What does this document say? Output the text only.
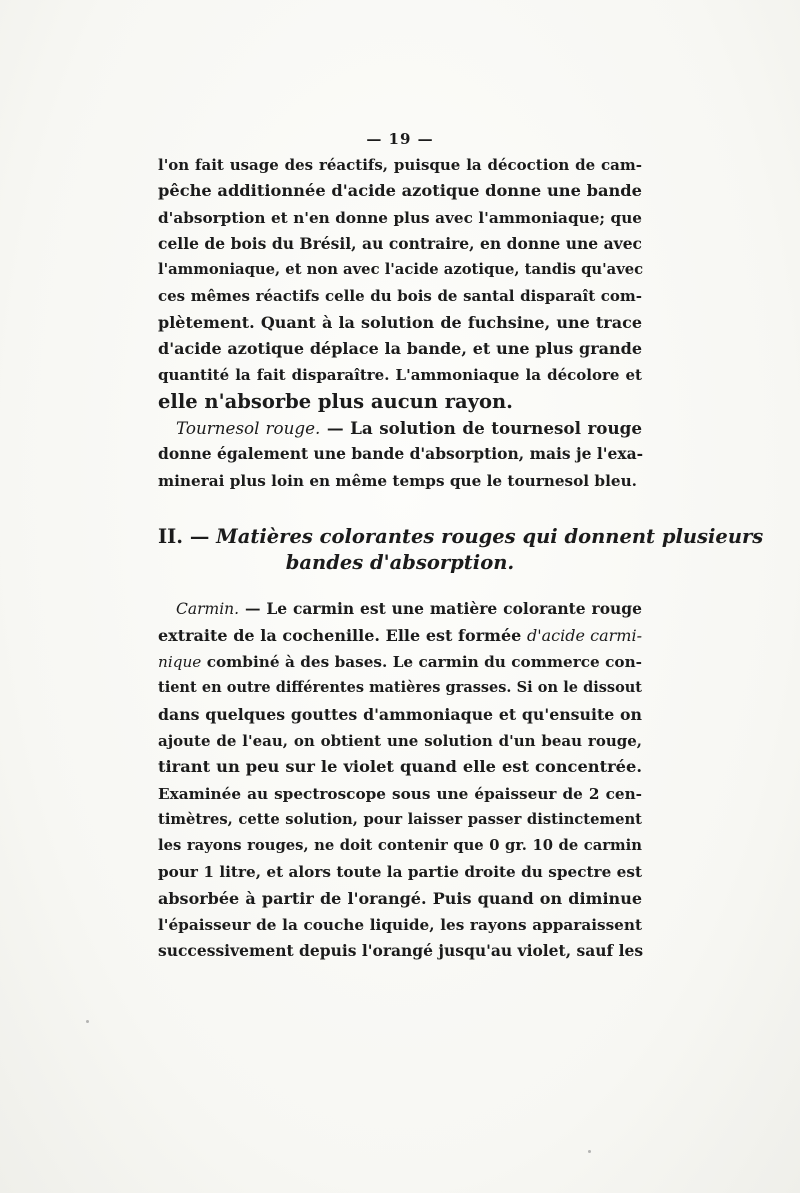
— 19 —

l'on fait usage des réactifs, puisque la décoction de cam-
pêche additionnée d'acide azotique donne une bande
d'absorption et n'en donne plus avec l'ammoniaque; que
celle de bois du Brésil, au contraire, en donne une avec
l'ammoniaque, et non avec l'acide azotique, tandis qu'avec
ces mêmes réactifs celle du bois de santal disparaît com-
plètement. Quant à la solution de fuchsine, une trace
d'acide azotique déplace la bande, et une plus grande
quantité la fait disparaître. L'ammoniaque la décolore et
elle n'absorbe plus aucun rayon.

Tournesol rouge. — La solution de tournesol rouge
donne également une bande d'absorption, mais je l'exa-
minerai plus loin en même temps que le tournesol bleu.

II. — Matières colorantes rouges qui donnent plusieurs
bandes d'absorption.

Carmin. — Le carmin est une matière colorante rouge
extraite de la cochenille. Elle est formée d'acide carmi-
nique combiné à des bases. Le carmin du commerce con-
tient en outre différentes matières grasses. Si on le dissout
dans quelques gouttes d'ammoniaque et qu'ensuite on
ajoute de l'eau, on obtient une solution d'un beau rouge,
tirant un peu sur le violet quand elle est concentrée.
Examinée au spectroscope sous une épaisseur de 2 cen-
timètres, cette solution, pour laisser passer distinctement
les rayons rouges, ne doit contenir que 0 gr. 10 de carmin
pour 1 litre, et alors toute la partie droite du spectre est
absorbée à partir de l'orangé. Puis quand on diminue
l'épaisseur de la couche liquide, les rayons apparaissent
successivement depuis l'orangé jusqu'au violet, sauf les
